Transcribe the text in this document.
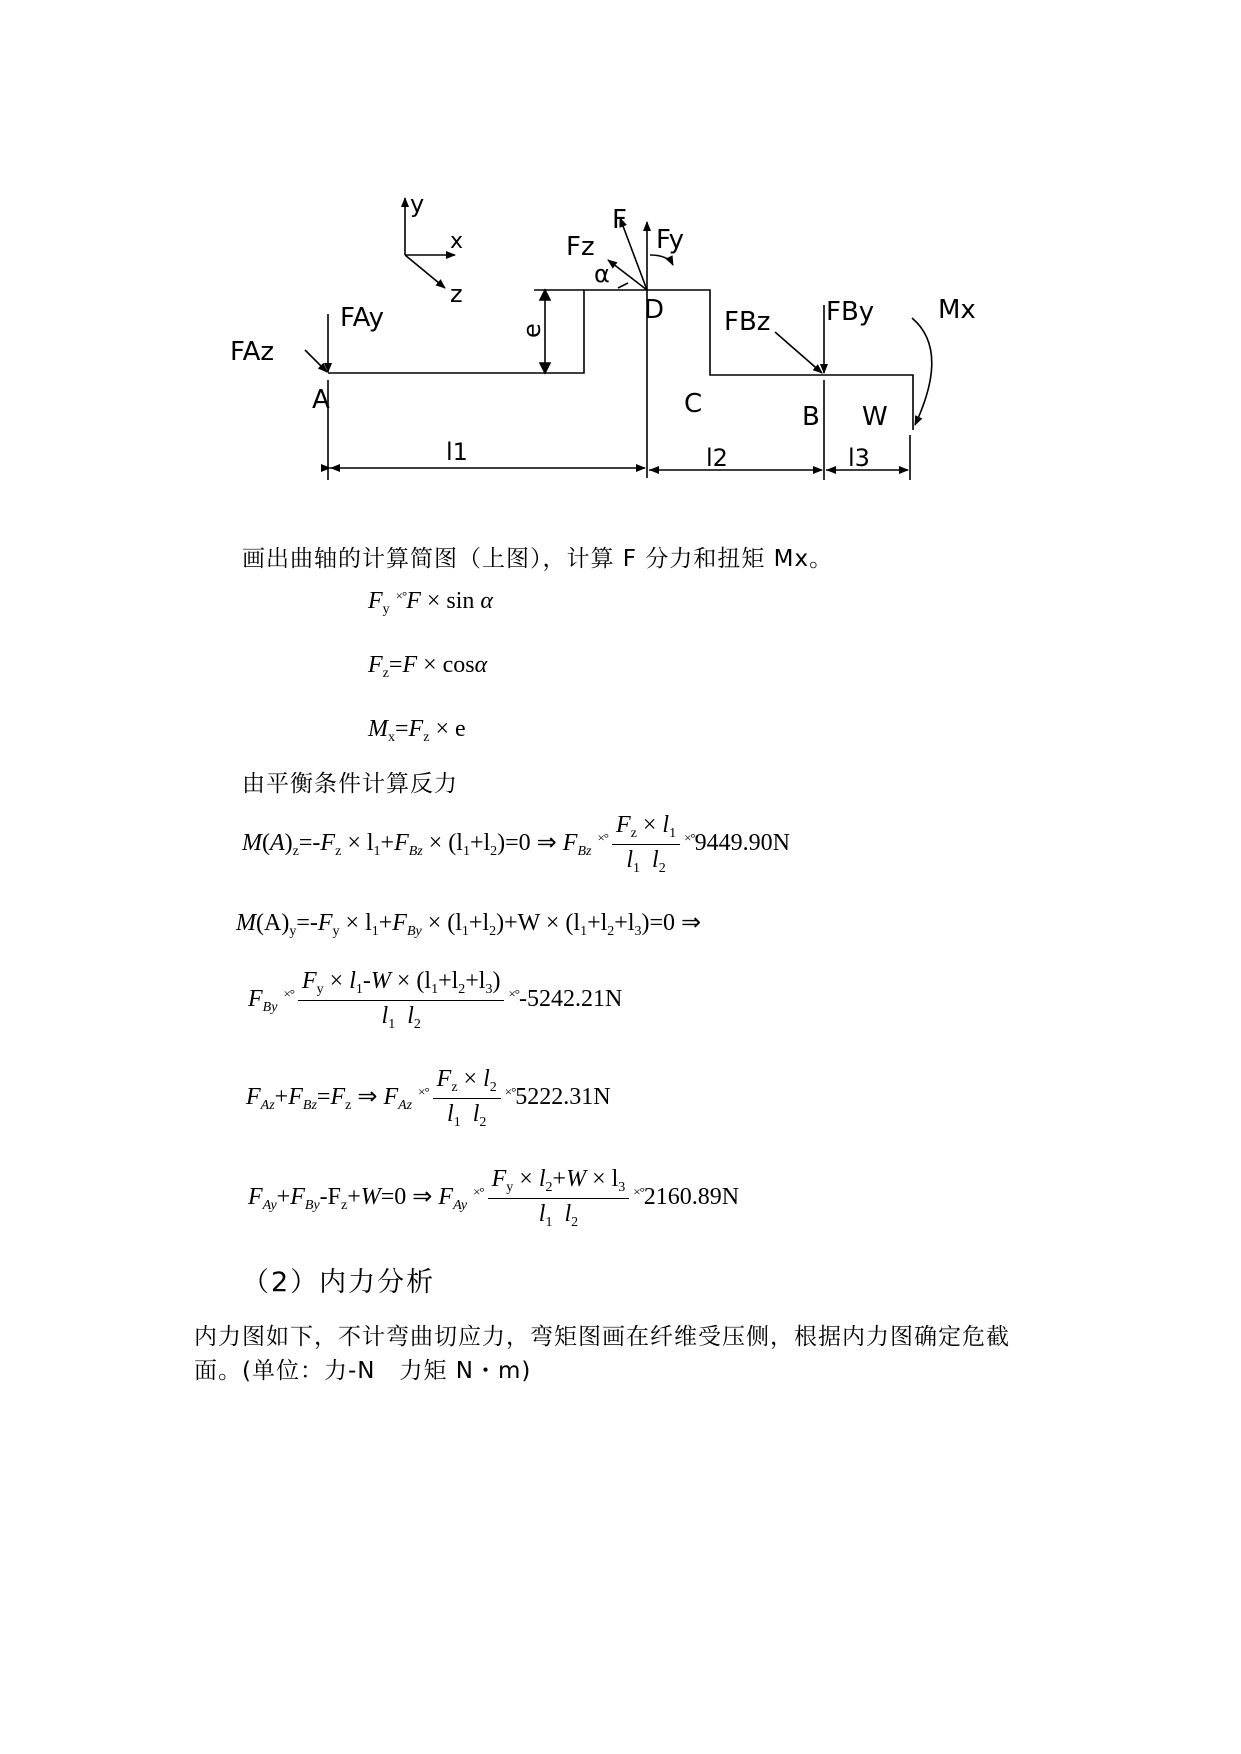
y
x
z
FAy
FAz
A
e
F
Fz Fy
α
D
C
FBz FBy Mx
B W
l1	l2	l3
画出曲轴的计算简图（上图），计算 F 分力和扭矩 Mx。
$F_y$ ×°F × sin α
$F_z=F \times \cos\alpha$
$M_x=F_z \times e$
由平衡条件计算反力
$M(A)_z=-F_z \times l_1+F_{Bz} \times (l_1+l_2)=0$ ⇒ $F_{Bz}$ $^{\times^\circ} \frac{F_z \times l_1}{l_1 l_2} ^{\times^\circ}9449.90N$
$M(A)_y=-F_y \times l_1+F_{By} \times (l_1+l_2)+W \times (l_1+l_2+l_3)=0$ ⇒
$F_{By}$ $^{\times^\circ} \frac{F_y \times l_1-W \times (l_1+l_2+l_3)}{l_1 l_2} ^{\times^\circ}-5242.21N$
$F_{Az}+F_{Bz}=F_z$ ⇒ $F_{Az}$ $^{\times^\circ} \frac{F_z \times l_2}{l_1 l_2} ^{\times^\circ}5222.31N$
$F_{Ay}+F_{By}-F_z+W=0$ ⇒ $F_{Ay}$ $^{\times^\circ} \frac{F_y \times l_2+W \times l_3}{l_1 l_2} ^{\times^\circ}2160.89N$
（2）内力分析
内力图如下，不计弯曲切应力，弯矩图画在纤维受压侧，根据内力图确定危截
面。(单位：力-N　力矩 N・m)
